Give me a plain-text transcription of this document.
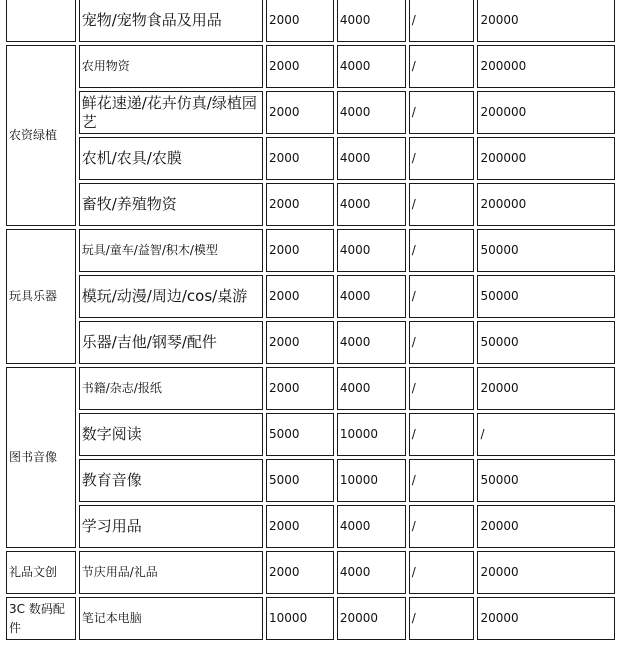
	宠物/宠物食品及用品	2000	4000	/	20000
农资绿植	农用物资	2000	4000	/	200000
	鲜花速递/花卉仿真/绿植园艺	2000	4000	/	200000
	农机/农具/农膜	2000	4000	/	200000
	畜牧/养殖物资	2000	4000	/	200000
玩具乐器	玩具/童车/益智/积木/模型	2000	4000	/	50000
	模玩/动漫/周边/cos/桌游	2000	4000	/	50000
	乐器/吉他/钢琴/配件	2000	4000	/	50000
图书音像	书籍/杂志/报纸	2000	4000	/	20000
	数字阅读	5000	10000	/	/
	教育音像	5000	10000	/	50000
	学习用品	2000	4000	/	20000
礼品文创	节庆用品/礼品	2000	4000	/	20000
3C 数码配件	笔记本电脑	10000	20000	/	20000
